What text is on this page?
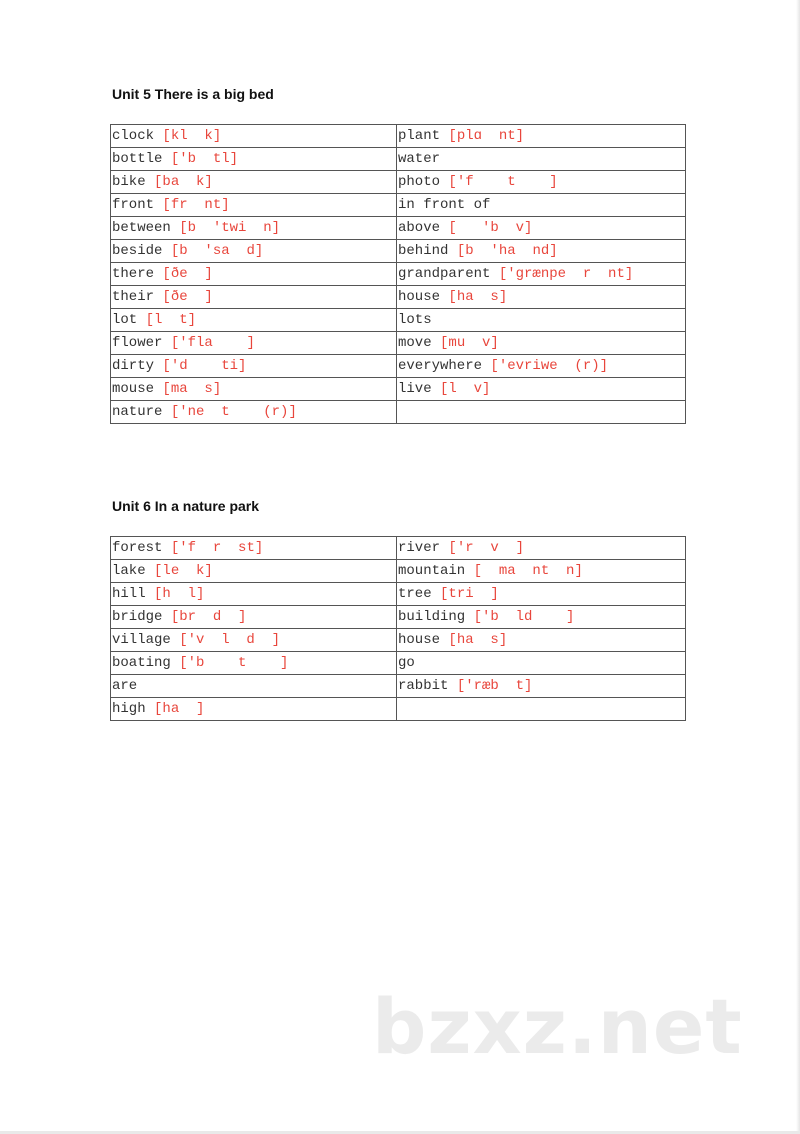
Unit 5 There is a big bed
clock [kl  k]	plant [plɑ  nt]
bottle ['b  tl]	water
bike [ba  k]	photo ['f    t    ]
front [fr  nt]	in front of
between [b  'twi  n]	above [   'b  v]
beside [b  'sa  d]	behind [b  'ha  nd]
there [ðe  ]	grandparent ['grænpe  r  nt]
their [ðe  ]	house [ha  s]
lot [l  t]	lots
flower ['fla    ]	move [mu  v]
dirty ['d    ti]	everywhere ['evriwe  (r)]
mouse [ma  s]	live [l  v]
nature ['ne  t    (r)]	
Unit 6 In a nature park
forest ['f  r  st]	river ['r  v  ]
lake [le  k]	mountain [  ma  nt  n]
hill [h  l]	tree [tri  ]
bridge [br  d  ]	building ['b  ld    ]
village ['v  l  d  ]	house [ha  s]
boating ['b    t    ]	go
are	rabbit ['ræb  t]
high [ha  ]	
bzxz.net
